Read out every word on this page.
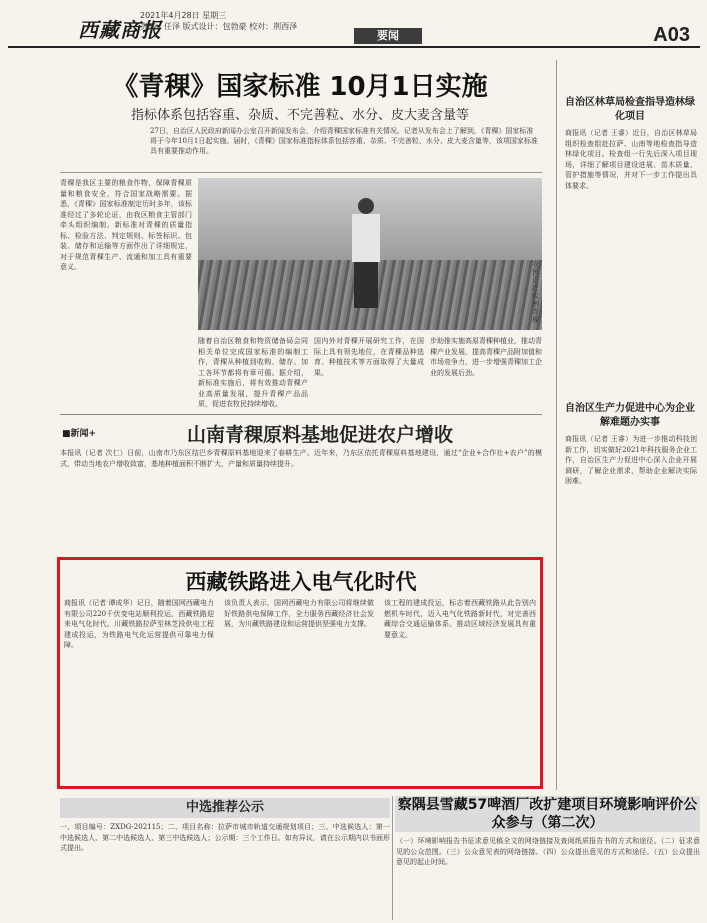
西藏商报
2021年4月28日 星期三
责编：任泽 版式设计：包勃豪 校对：荆西泽
要闻	A03
《青稞》国家标准 10月1日实施
指标体系包括容重、杂质、不完善粒、水分、皮大麦含量等
27日，自治区人民政府新闻办公室召开新闻发布会，介绍青稞国家标准有关情况。记者从发布会上了解到，《青稞》国家标准将于今年10月1日起实施。届时，《青稞》国家标准指标体系包括容重、杂质、不完善粒、水分、皮大麦含量等，该项国家标准具有重要推动作用。
青稞是我区主要的粮食作物，保障青稞质量和粮食安全，符合国家战略需要。据悉，《青稞》国家标准制定历时多年，该标准经过了多轮论证，由我区粮食主管部门牵头组织编制。新标准对青稞的质量指标、检验方法、判定规则、标签标识、包装、储存和运输等方面作出了详细规定，对于规范青稞生产、流通和加工具有重要意义。	农民正在收割青稞
随着自治区粮食和物资储备局会同相关单位完成国家标准的编制工作，青稞从种植到收购、储存、加工各环节都将有章可循。据介绍，新标准实施后，将有效推动青稞产业高质量发展，提升青稞产品品质，促进农牧民持续增收。
国内外对青稞开展研究工作，在国际上具有领先地位，在青稞品种选育、种植技术等方面取得了大量成果。
步助推实施高原青稞种植业，推动青稞产业发展，提高青稞产品附加值和市场竞争力，进一步增强青稞加工企业的发展后劲。
■新闻+	山南青稞原料基地促进农户增收
本报讯（记者 次仁）日前，山南市乃东区结巴乡青稞原料基地迎来了春耕生产。近年来，乃东区依托青稞原料基地建设，通过“企业+合作社+农户”的模式，带动当地农户增收致富，基地种植面积不断扩大，产量和质量持续提升。
西藏铁路进入电气化时代
商报讯（记者 谭成华）记日，随着国网西藏电力有限公司220千伏变电站顺利投运，西藏铁路迎来电气化时代。川藏铁路拉萨至林芝段供电工程建成投运，为铁路电气化运营提供可靠电力保障。
该负责人表示，国网西藏电力有限公司将继续做好铁路供电保障工作，全力服务西藏经济社会发展，为川藏铁路建设和运营提供坚强电力支撑。
该工程的建成投运，标志着西藏铁路从此告别内燃机车时代，迈入电气化铁路新时代，对完善西藏综合交通运输体系、推动区域经济发展具有重要意义。
中选推荐公示
一、项目编号：ZXDG-202115；二、项目名称：拉萨市城市轨道交通规划项目；三、中选候选人：第一中选候选人、第二中选候选人、第三中选候选人；公示期：三个工作日。如有异议，请在公示期内以书面形式提出。
察隅县雪藏57啤酒厂改扩建项目环境影响评价公众参与（第二次）
（一）环境影响报告书征求意见稿全文的网络链接及查阅纸质报告书的方式和途径。（二）征求意见的公众范围。（三）公众意见表的网络链接。（四）公众提出意见的方式和途径。（五）公众提出意见的起止时间。
自治区林草局检查指导造林绿化项目
商报讯（记者 王睿）近日，自治区林草局组织检查组赴拉萨、山南等地检查指导造林绿化项目。检查组一行先后深入项目现场，详细了解项目建设进展、苗木质量、管护措施等情况，并对下一步工作提出具体要求。
自治区生产力促进中心为企业解难题办实事
商报讯（记者 王睿）为进一步推动科技创新工作，切实做好2021年科技服务企业工作，自治区生产力促进中心深入企业开展调研，了解企业需求，帮助企业解决实际困难。
